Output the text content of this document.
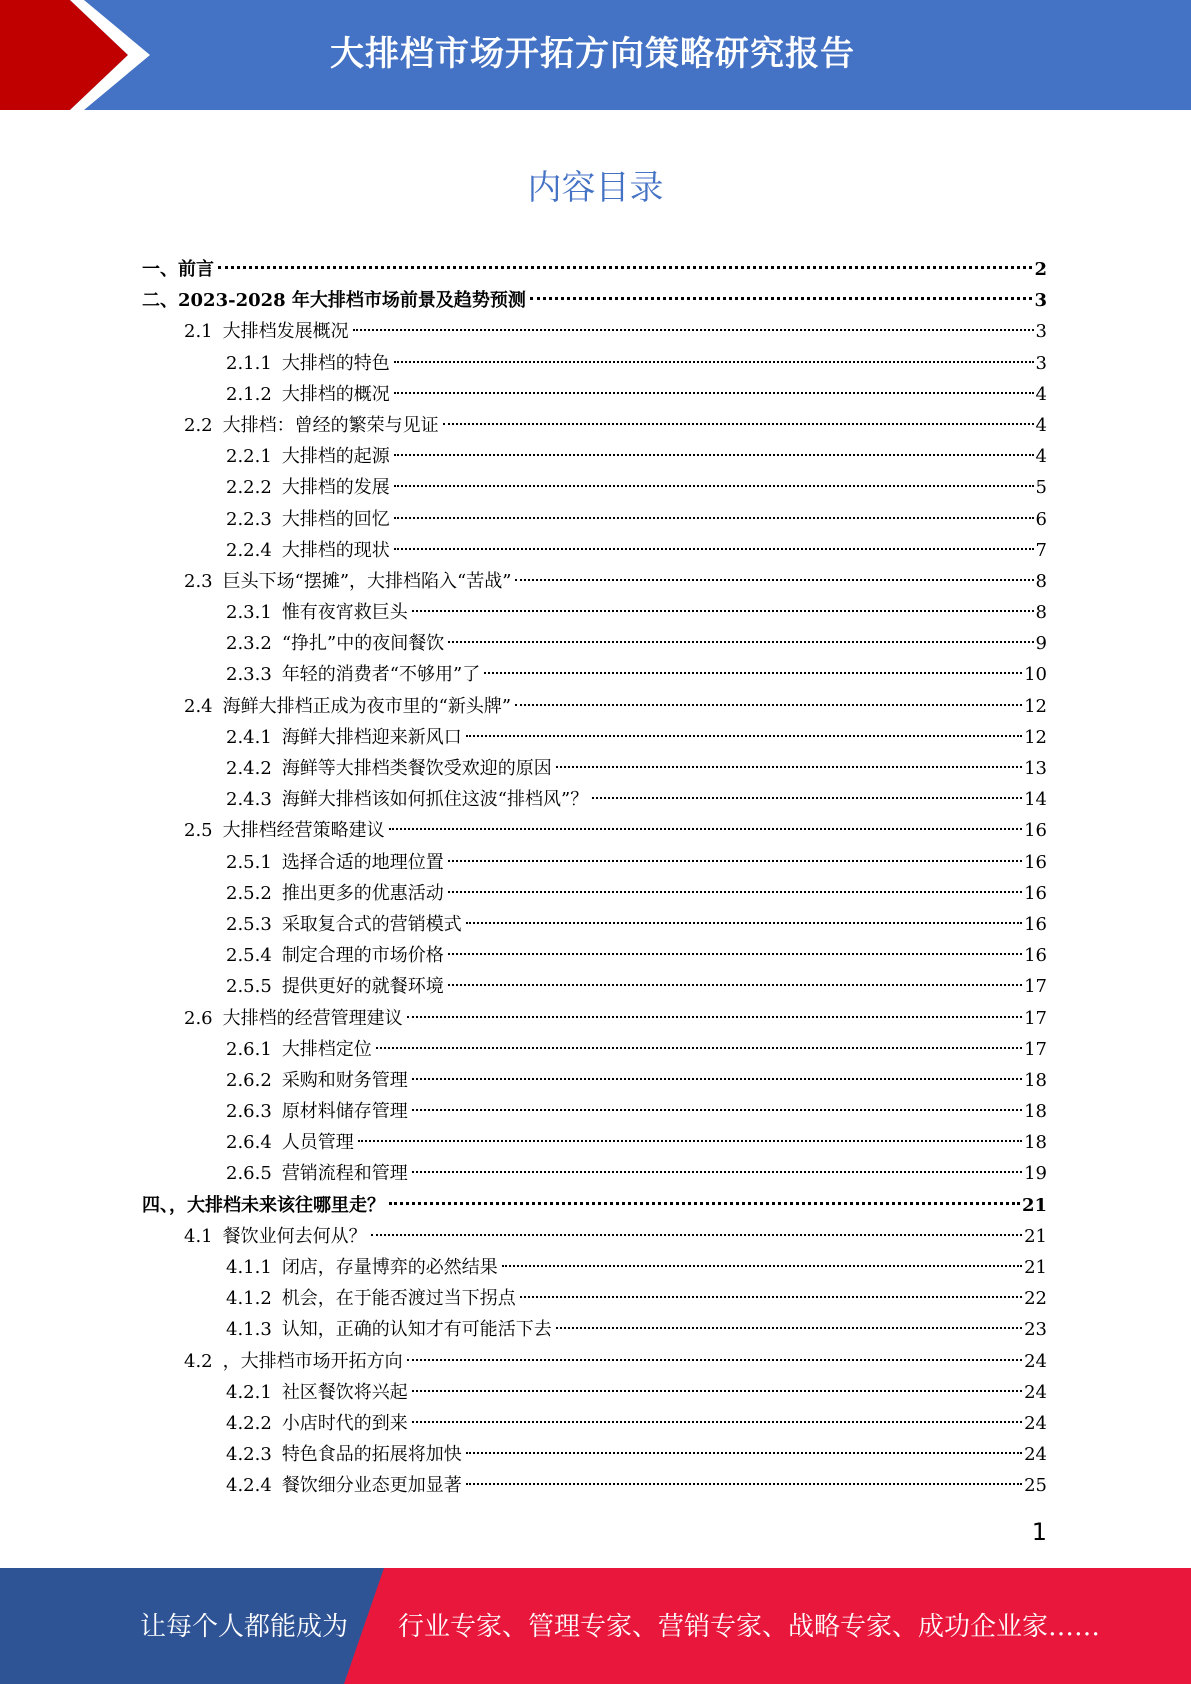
大排档市场开拓方向策略研究报告
内容目录
一、前言	2
二、2023-2028 年大排档市场前景及趋势预测	3
2.1 大排档发展概况	3
2.1.1 大排档的特色	3
2.1.2 大排档的概况	4
2.2 大排档：曾经的繁荣与见证	4
2.2.1 大排档的起源	4
2.2.2 大排档的发展	5
2.2.3 大排档的回忆	6
2.2.4 大排档的现状	7
2.3 巨头下场“摆摊”，大排档陷入“苦战”	8
2.3.1 惟有夜宵救巨头	8
2.3.2 “挣扎”中的夜间餐饮	9
2.3.3 年轻的消费者“不够用”了	10
2.4 海鲜大排档正成为夜市里的“新头牌”	12
2.4.1 海鲜大排档迎来新风口	12
2.4.2 海鲜等大排档类餐饮受欢迎的原因	13
2.4.3 海鲜大排档该如何抓住这波“排档风”？	14
2.5 大排档经营策略建议	16
2.5.1 选择合适的地理位置	16
2.5.2 推出更多的优惠活动	16
2.5.3 采取复合式的营销模式	16
2.5.4 制定合理的市场价格	16
2.5.5 提供更好的就餐环境	17
2.6 大排档的经营管理建议	17
2.6.1 大排档定位	17
2.6.2 采购和财务管理	18
2.6.3 原材料储存管理	18
2.6.4 人员管理	18
2.6.5 营销流程和管理	19
四、，大排档未来该往哪里走？	21
4.1 餐饮业何去何从？	21
4.1.1 闭店，存量博弈的必然结果	21
4.1.2 机会，在于能否渡过当下拐点	22
4.1.3 认知，正确的认知才有可能活下去	23
4.2 ，大排档市场开拓方向	24
4.2.1 社区餐饮将兴起	24
4.2.2 小店时代的到来	24
4.2.3 特色食品的拓展将加快	24
4.2.4 餐饮细分业态更加显著	25
1
让每个人都能成为 行业专家、管理专家、营销专家、战略专家、成功企业家……
